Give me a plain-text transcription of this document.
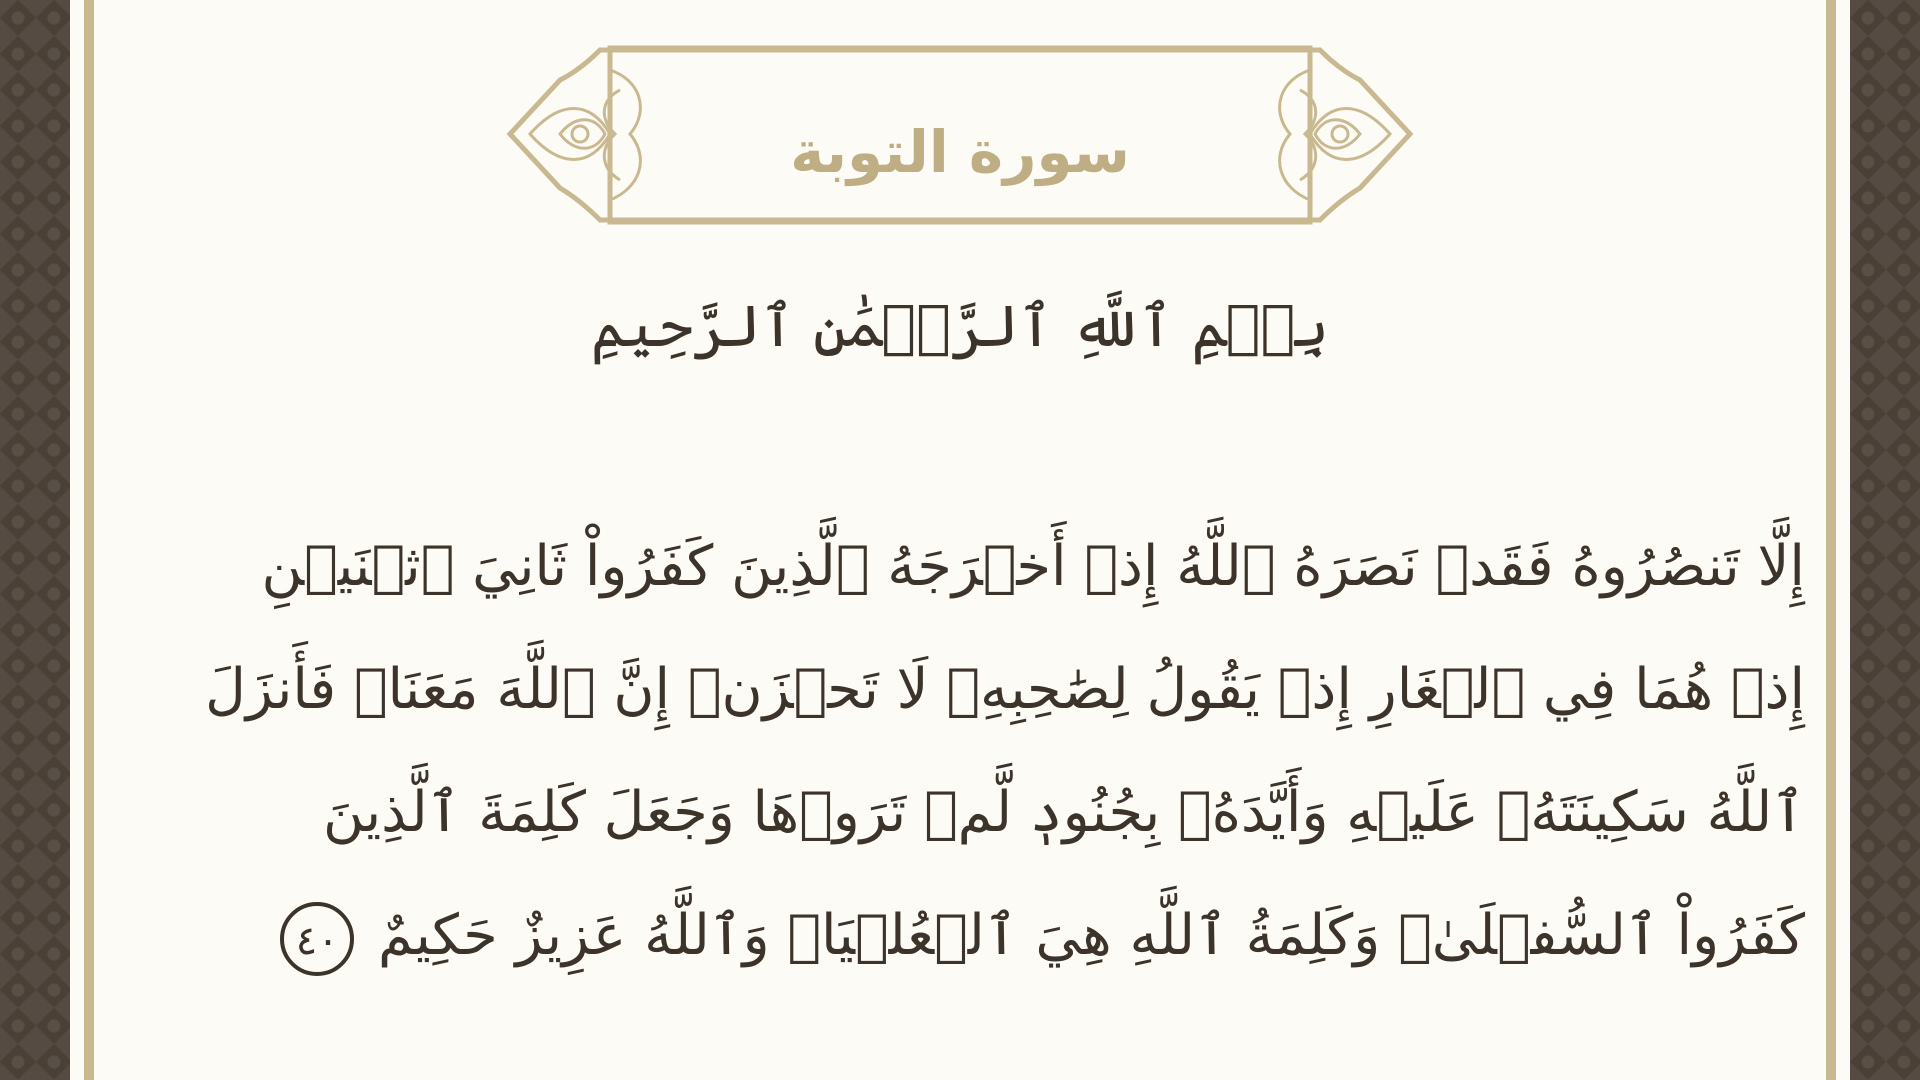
سورة التوبة
بِسۡمِ ٱللَّهِ ٱلرَّحۡمَٰنِ ٱلرَّحِيمِ
إِلَّا تَنصُرُوهُ فَقَدۡ نَصَرَهُ ٱللَّهُ إِذۡ أَخۡرَجَهُ ٱلَّذِينَ كَفَرُواْ ثَانِيَ ٱثۡنَيۡنِ
إِذۡ هُمَا فِي ٱلۡغَارِ إِذۡ يَقُولُ لِصَٰحِبِهِۦ لَا تَحۡزَنۡ إِنَّ ٱللَّهَ مَعَنَاۖ فَأَنزَلَ
ٱللَّهُ سَكِينَتَهُۥ عَلَيۡهِ وَأَيَّدَهُۥ بِجُنُودٖ لَّمۡ تَرَوۡهَا وَجَعَلَ كَلِمَةَ ٱلَّذِينَ
كَفَرُواْ ٱلسُّفۡلَىٰۗ وَكَلِمَةُ ٱللَّهِ هِيَ ٱلۡعُلۡيَاۗ وَٱللَّهُ عَزِيزٌ حَكِيمٌ ٤٠
